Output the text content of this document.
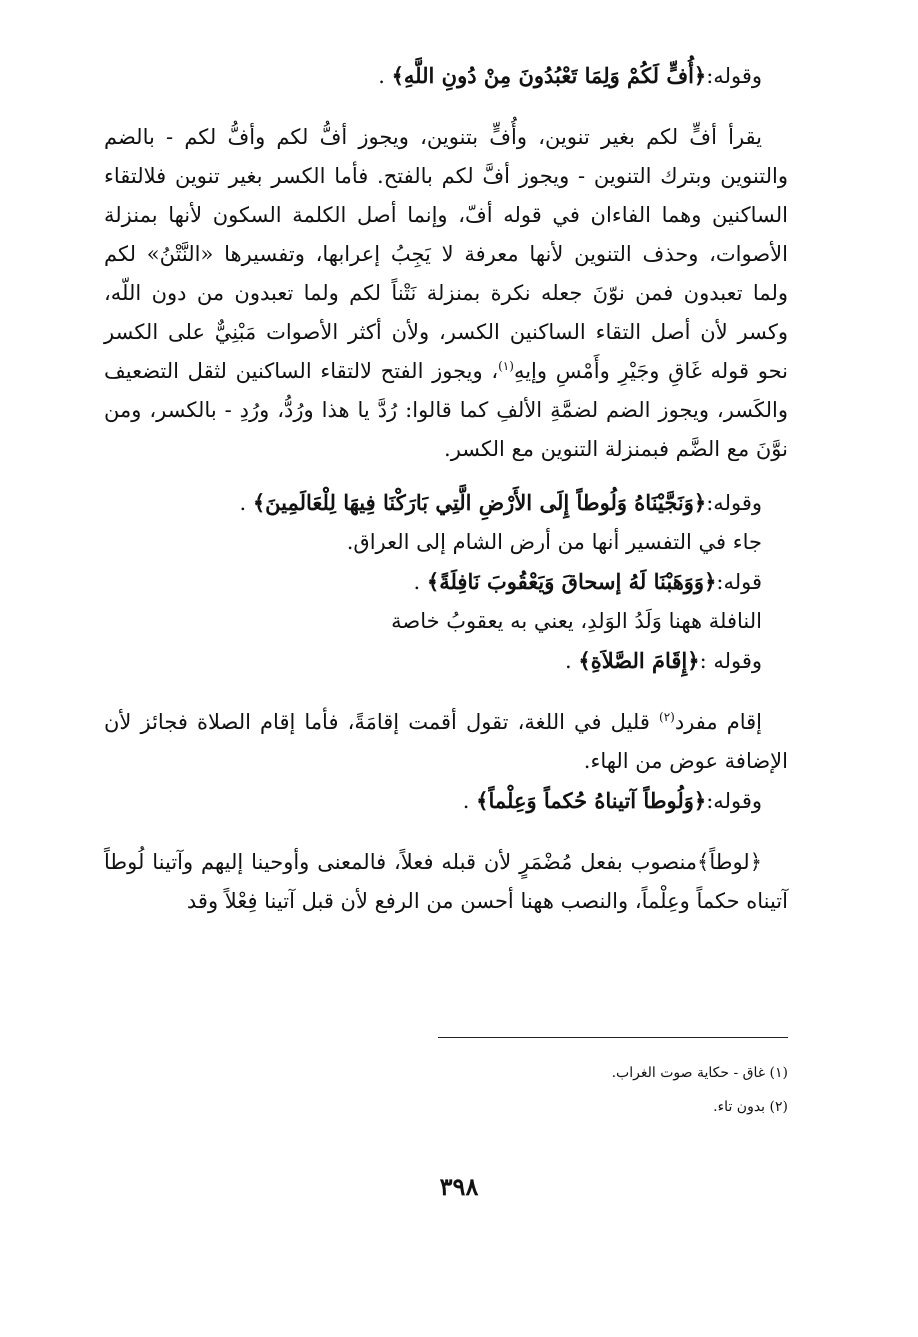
وقوله:﴿أُفٍّ لَكُمْ وَلِمَا تَعْبُدُونَ مِنْ دُونِ اللَّهِ﴾ .

يقرأ أفٍّ لكم بغير تنوين، وأُفٍّ بتنوين، ويجوز أفُّ لكم وأفُّ لكم - بالضم والتنوين وبترك التنوين - ويجوز أفَّ لكم بالفتح. فأما الكسر بغير تنوين فلالتقاء الساكنين وهما الفاءان في قوله أفّ، وإنما أصل الكلمة السكون لأنها بمنزلة الأصوات، وحذف التنوين لأنها معرفة لا يَجِبُ إعرابها، وتفسيرها «النَّتْنُ» لكم ولما تعبدون فمن نوّنَ جعله نكرة بمنزلة نَتْناً لكم ولما تعبدون من دون اللّه، وكسر لأن أصل التقاء الساكنين الكسر، ولأن أكثر الأصوات مَبْنِيٌّ على الكسر نحو قوله غَاقِ وجَيْرِ وأَمْسِ وإيهِ$^{(١)}$، ويجوز الفتح لالتقاء الساكنين لثقل التضعيف والكَسر، ويجوز الضم لضمَّةِ الألفِ كما قالوا: رُدَّ يا هذا ورُدُّ، ورُدِ - بالكسر، ومن نوَّنَ مع الضَّم فبمنزلة التنوين مع الكسر.

وقوله:﴿وَنَجَّيْنَاهُ وَلُوطاً إِلَى الأَرْضِ الَّتِي بَارَكْنَا فِيهَا لِلْعَالَمِينَ﴾ .

جاء في التفسير أنها من أرض الشام إلى العراق.

قوله:﴿وَوَهَبْنَا لَهُ إسحاقَ وَيَعْقُوبَ نَافِلَةً﴾ .

النافلة ههنا وَلَدُ الوَلدِ، يعني به يعقوبُ خاصة

وقوله :﴿إِقَامَ الصَّلاَةِ﴾ .

إقام مفرد$^{(٢)}$ قليل في اللغة، تقول أقمت إقامَةً، فأما إقام الصلاة فجائز لأن الإضافة عوض من الهاء.

وقوله:﴿وَلُوطاً آتيناهُ حُكماً وَعِلْماً﴾ .

﴿لوطاً﴾منصوب بفعل مُضْمَرٍ لأن قبله فعلاً، فالمعنى وأوحينا إليهم وآتينا لُوطاً آتيناه حكماً وعِلْماً، والنصب ههنا أحسن من الرفع لأن قبل آتينا فِعْلاً وقد

(١) غاق - حكاية صوت الغراب.

(٢) بدون تاء.

٣٩٨
